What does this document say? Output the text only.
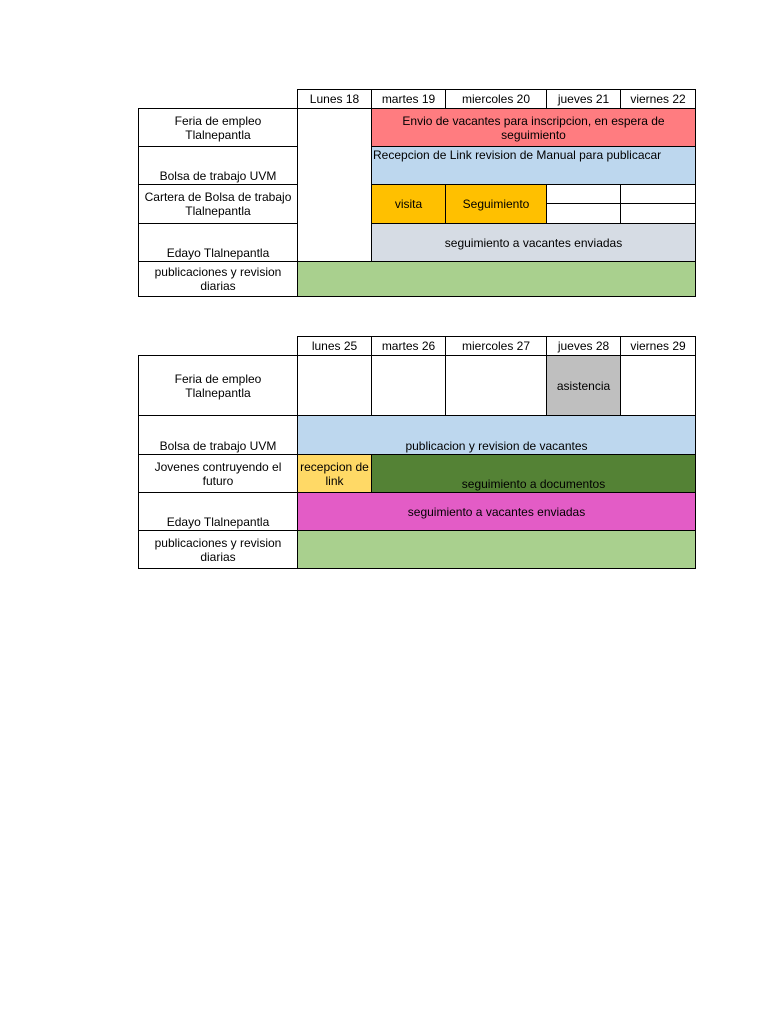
	Lunes 18	martes 19	miercoles 20	jueves 21	viernes 22
Feria de empleo Tlalnepantla		Envio de vacantes para inscripcion, en espera de seguimiento			
Bolsa de trabajo UVM		Recepcion de Link revision de Manual para publicacar			
Cartera de Bolsa de trabajo Tlalnepantla		visita	Seguimiento	

Edayo Tlalnepantla		seguimiento a vacantes enviadas			
publicaciones y revision diarias					
	lunes 25	martes 26	miercoles 27	jueves 28	viernes 29
Feria de empleo Tlalnepantla				asistencia	
Bolsa de trabajo UVM	publicacion y revision de vacantes				
Jovenes contruyendo el futuro	recepcion de link	seguimiento a documentos			
Edayo Tlalnepantla	seguimiento a vacantes enviadas				
publicaciones y revision diarias					
